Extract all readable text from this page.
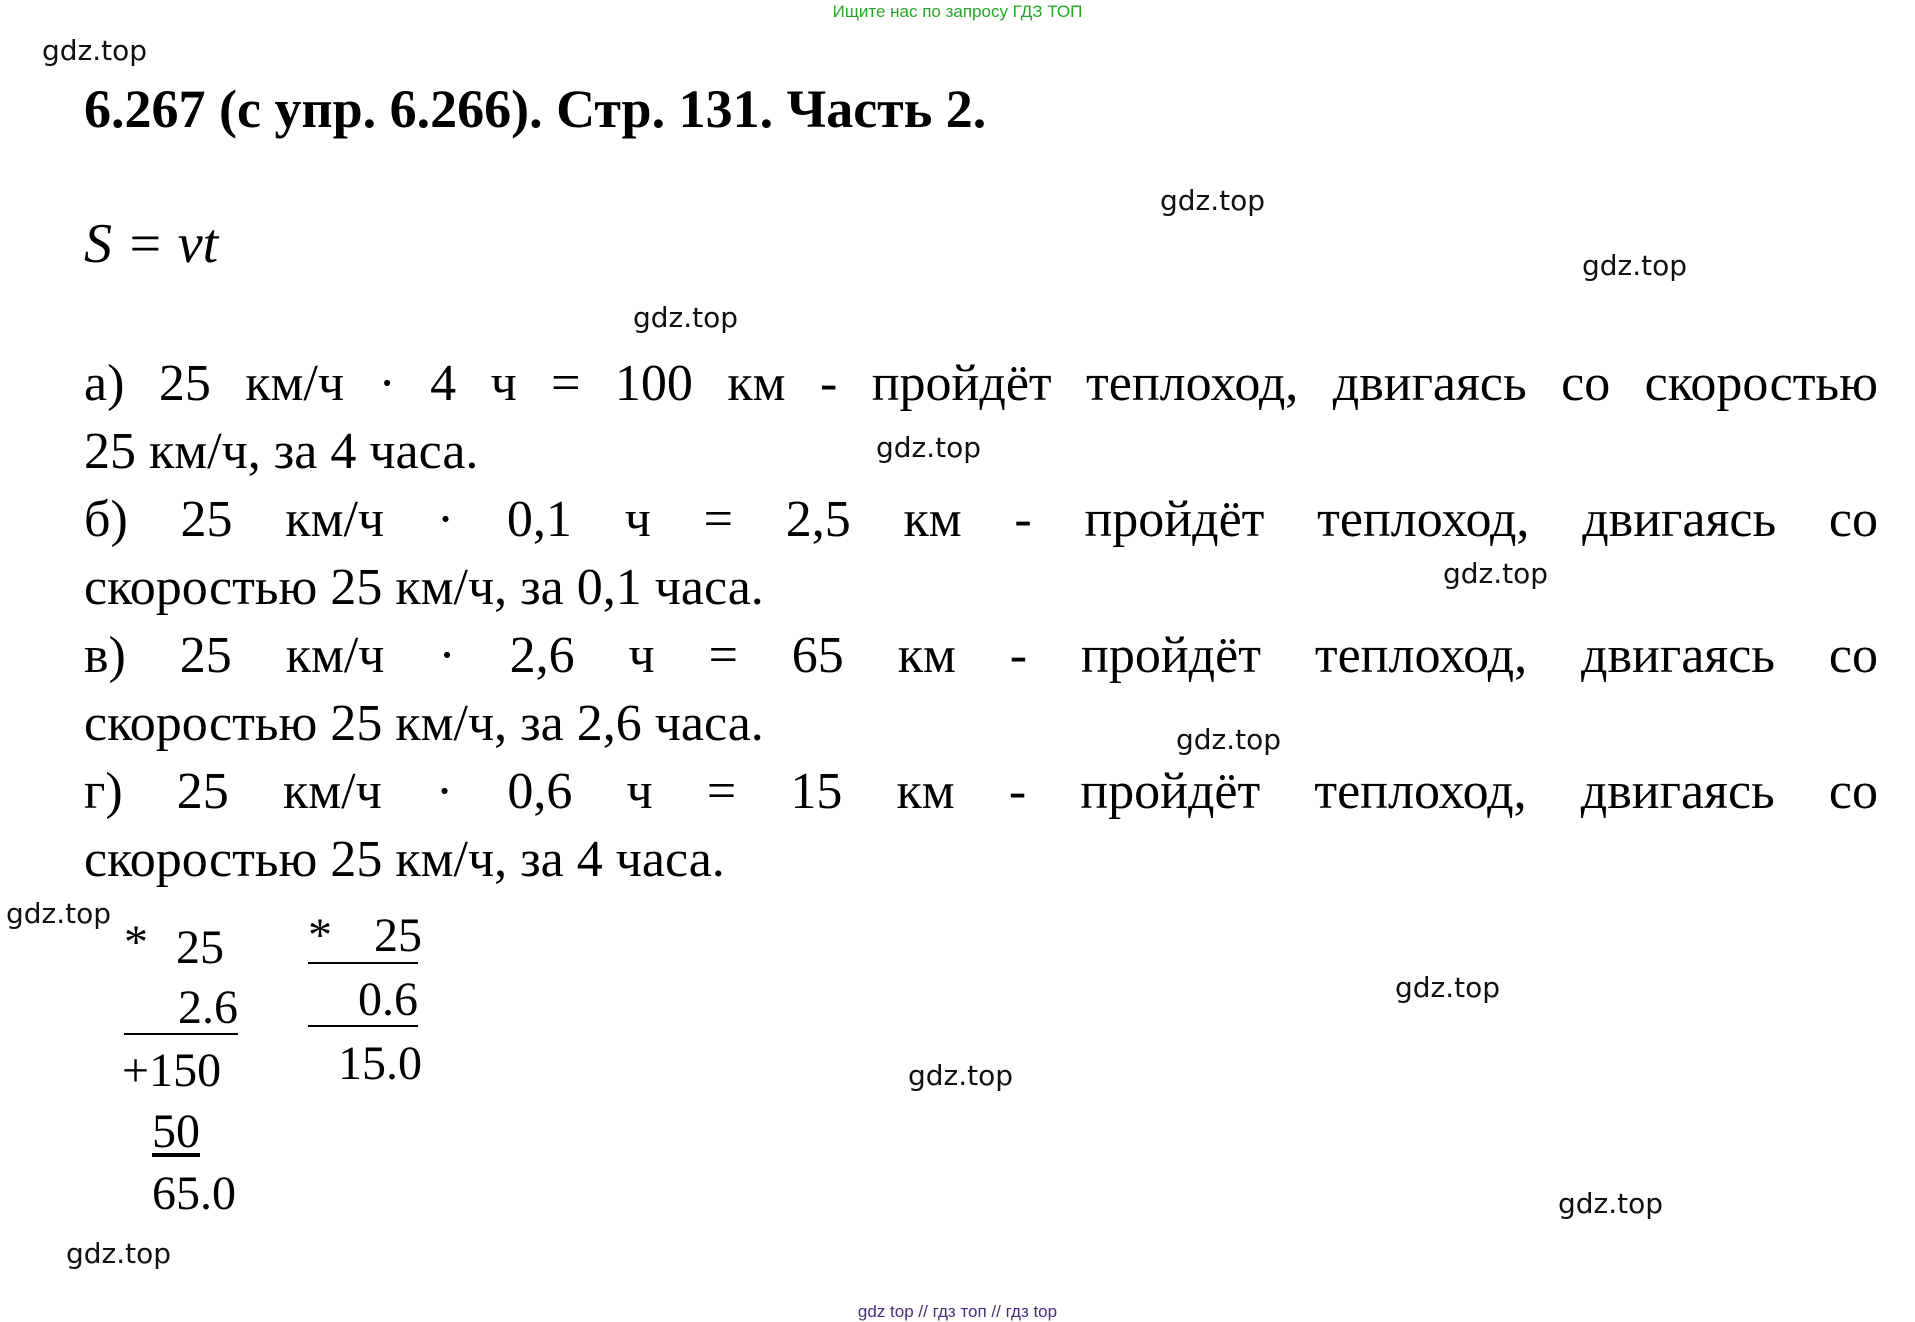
Ищите нас по запросу ГДЗ ТОП
gdz.top
gdz.top
gdz.top
gdz.top
gdz.top
gdz.top
gdz.top
gdz.top
gdz.top
gdz.top
gdz.top
gdz.top
6.267 (с упр. 6.266). Стр. 131. Часть 2.
S = vt
а) 25 км/ч · 4 ч = 100 км - пройдёт теплоход, двигаясь со скоростью
25 км/ч, за 4 часа.
б) 25 км/ч · 0,1 ч = 2,5 км - пройдёт теплоход, двигаясь со
скоростью 25 км/ч, за 0,1 часа.
в) 25 км/ч · 2,6 ч = 65 км - пройдёт теплоход, двигаясь со
скоростью 25 км/ч, за 2,6 часа.
г) 25 км/ч · 0,6 ч = 15 км - пройдёт теплоход, двигаясь со
скоростью 25 км/ч, за 4 часа.
* 25
2.6
+150
50
65.0
* 25
0.6
15.0
gdz top // гдз топ // гдз top
